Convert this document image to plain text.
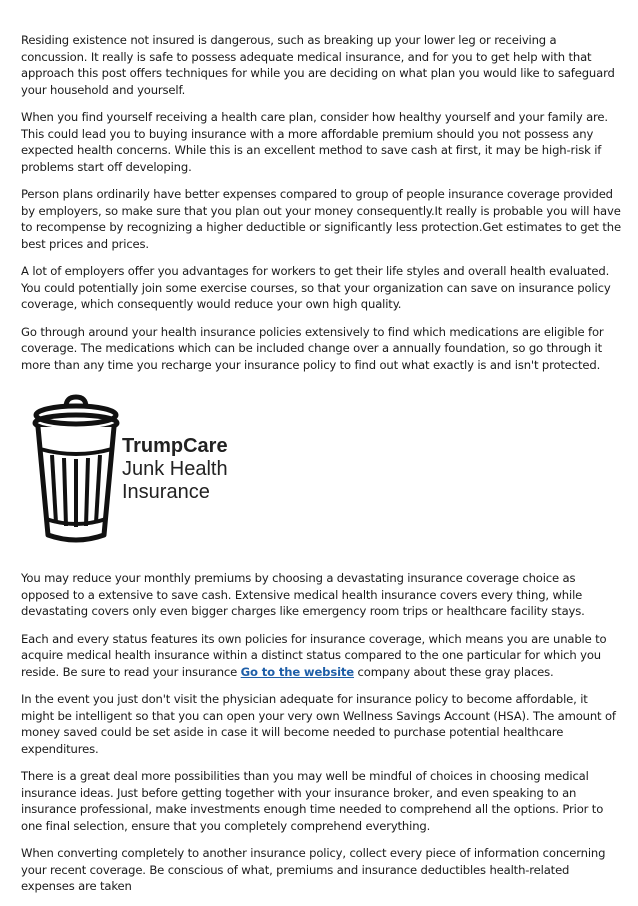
Residing existence not insured is dangerous, such as breaking up your lower leg or receiving a concussion. It really is safe to possess adequate medical insurance, and for you to get help with that approach this post offers techniques for while you are deciding on what plan you would like to safeguard your household and yourself.

When you find yourself receiving a health care plan, consider how healthy yourself and your family are. This could lead you to buying insurance with a more affordable premium should you not possess any expected health concerns. While this is an excellent method to save cash at first, it may be high-risk if problems start off developing.

Person plans ordinarily have better expenses compared to group of people insurance coverage provided by employers, so make sure that you plan out your money consequently.It really is probable you will have to recompense by recognizing a higher deductible or significantly less protection.Get estimates to get the best prices and prices.

A lot of employers offer you advantages for workers to get their life styles and overall health evaluated. You could potentially join some exercise courses, so that your organization can save on insurance policy coverage, which consequently would reduce your own high quality.

Go through around your health insurance policies extensively to find which medications are eligible for coverage. The medications which can be included change over a annually foundation, so go through it more than any time you recharge your insurance policy to find out what exactly is and isn't protected.

TrumpCare
Junk Health
Insurance

You may reduce your monthly premiums by choosing a devastating insurance coverage choice as opposed to a extensive to save cash. Extensive medical health insurance covers every thing, while devastating covers only even bigger charges like emergency room trips or healthcare facility stays.

Each and every status features its own policies for insurance coverage, which means you are unable to acquire medical health insurance within a distinct status compared to the one particular for which you reside. Be sure to read your insurance Go to the website company about these gray places.

In the event you just don't visit the physician adequate for insurance policy to become affordable, it might be intelligent so that you can open your very own Wellness Savings Account (HSA). The amount of money saved could be set aside in case it will become needed to purchase potential healthcare expenditures.

There is a great deal more possibilities than you may well be mindful of choices in choosing medical insurance ideas. Just before getting together with your insurance broker, and even speaking to an insurance professional, make investments enough time needed to comprehend all the options. Prior to one final selection, ensure that you completely comprehend everything.

When converting completely to another insurance policy, collect every piece of information concerning your recent coverage. Be conscious of what, premiums and insurance deductibles health-related expenses are taken
